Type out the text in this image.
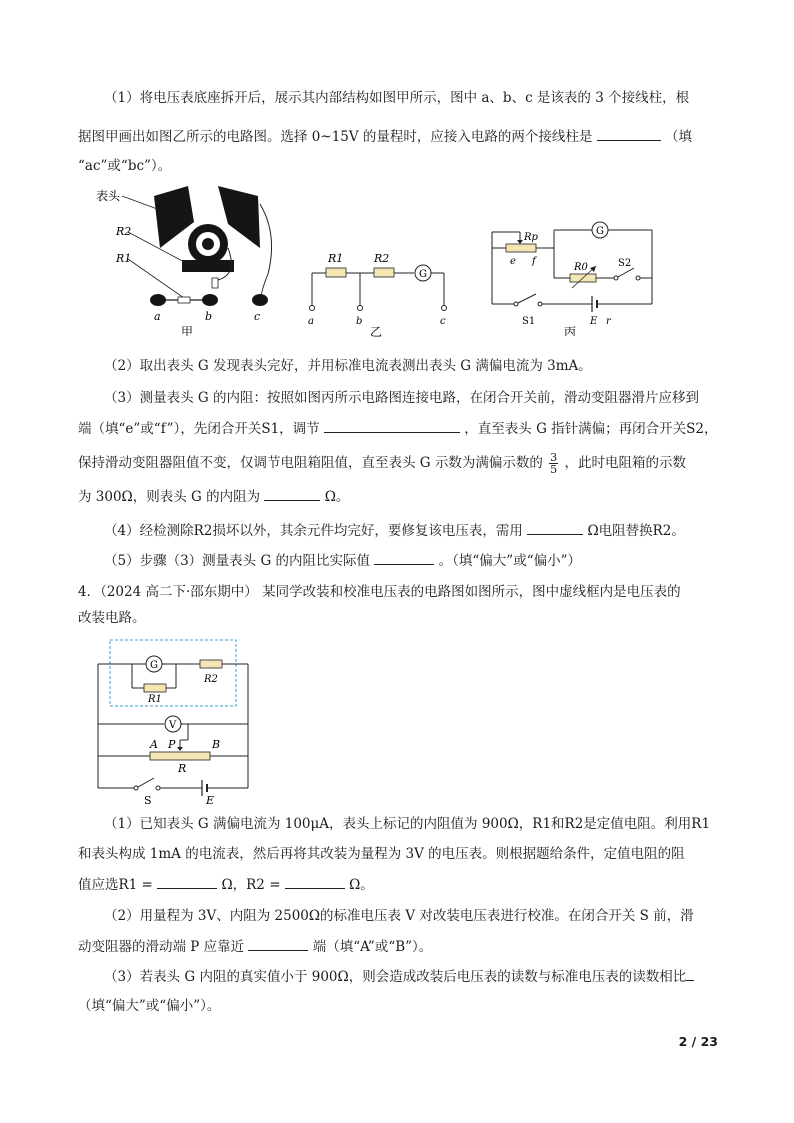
（1）将电压表底座拆开后，展示其内部结构如图甲所示，图中 a、b、c 是该表的 3 个接线柱，根
据图甲画出如图乙所示的电路图。选择 0~15V 的量程时，应接入电路的两个接线柱是	（填
“ac”或“bc”）。
表头
R2
R1
a	b	c
甲
R1	R2
G
a	b	c
乙
Rp
e f
G
R0	S2
S1	E r
丙
（2）取出表头 G 发现表头完好，并用标准电流表测出表头 G 满偏电流为 3mA。
（3）测量表头 G 的内阻：按照如图丙所示电路图连接电路，在闭合开关前，滑动变阻器滑片应移到
端（填“e”或“f”），先闭合开关S1，调节	，直至表头 G 指针满偏；再闭合开关S2，
保持滑动变阻器阻值不变，仅调节电阻箱阻值，直至表头 G 示数为满偏示数的 $\frac{3}{5}$ ，此时电阻箱的示数
为 300Ω，则表头 G 的内阻为	Ω。
（4）经检测除R2损坏以外，其余元件均完好，要修复该电压表，需用	Ω电阻替换R2。
（5）步骤（3）测量表头 G 的内阻比实际值	。（填“偏大”或“偏小”）
4．（2024 高二下·邵东期中） 某同学改装和校准电压表的电路图如图所示，图中虚线框内是电压表的
改装电路。
G
R1
R2
V
P
A	B
R
S	E
（1）已知表头 G 满偏电流为 100μA，表头上标记的内阻值为 900Ω，R1和R2是定值电阻。利用R1
和表头构成 1mA 的电流表，然后再将其改装为量程为 3V 的电压表。则根据题给条件，定值电阻的阻
值应选R1 =	Ω，R2 =	Ω。
（2）用量程为 3V、内阻为 2500Ω的标准电压表 V 对改装电压表进行校准。在闭合开关 S 前，滑
动变阻器的滑动端 P 应靠近	端（填“A”或“B”）。
（3）若表头 G 内阻的真实值小于 900Ω，则会造成改装后电压表的读数与标准电压表的读数相比
（填“偏大”或“偏小”）。
2 / 23
